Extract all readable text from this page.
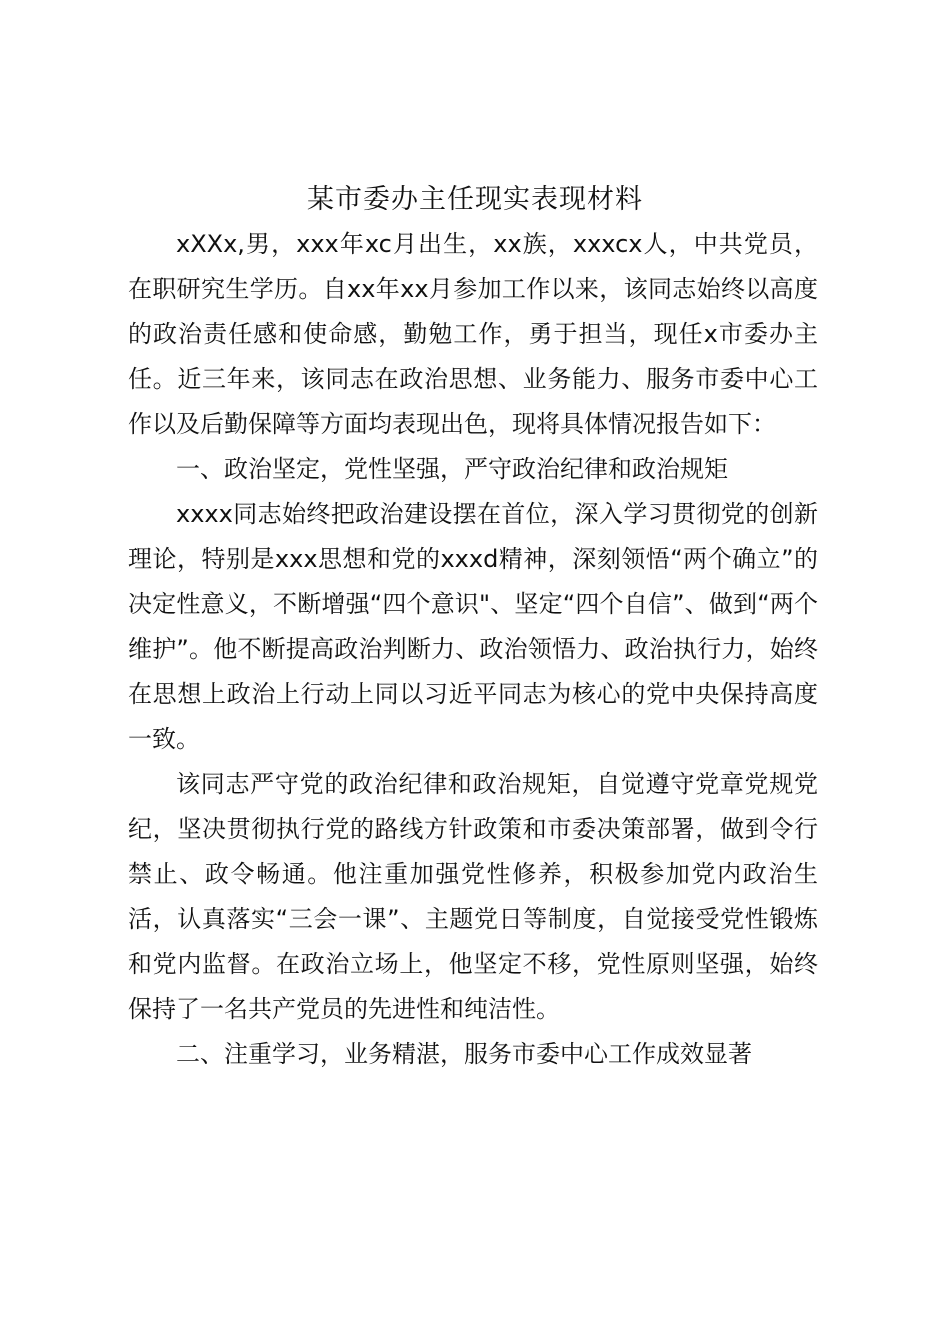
某市委办主任现实表现材料

xXXx,男，xxx年xc月出生，xx族，xxxcx人，中共党员，在职研究生学历。自xx年xx月参加工作以来，该同志始终以高度的政治责任感和使命感，勤勉工作，勇于担当，现任x市委办主任。近三年来，该同志在政治思想、业务能力、服务市委中心工作以及后勤保障等方面均表现出色，现将具体情况报告如下：

一、政治坚定，党性坚强，严守政治纪律和政治规矩

xxxx同志始终把政治建设摆在首位，深入学习贯彻党的创新理论，特别是xxx思想和党的xxxd精神，深刻领悟“两个确立”的决定性意义，不断增强“四个意识"、坚定“四个自信”、做到“两个维护”。他不断提高政治判断力、政治领悟力、政治执行力，始终在思想上政治上行动上同以习近平同志为核心的党中央保持高度一致。

该同志严守党的政治纪律和政治规矩，自觉遵守党章党规党纪，坚决贯彻执行党的路线方针政策和市委决策部署，做到令行禁止、政令畅通。他注重加强党性修养，积极参加党内政治生活，认真落实“三会一课”、主题党日等制度，自觉接受党性锻炼和党内监督。在政治立场上，他坚定不移，党性原则坚强，始终保持了一名共产党员的先进性和纯洁性。

二、注重学习，业务精湛，服务市委中心工作成效显著
